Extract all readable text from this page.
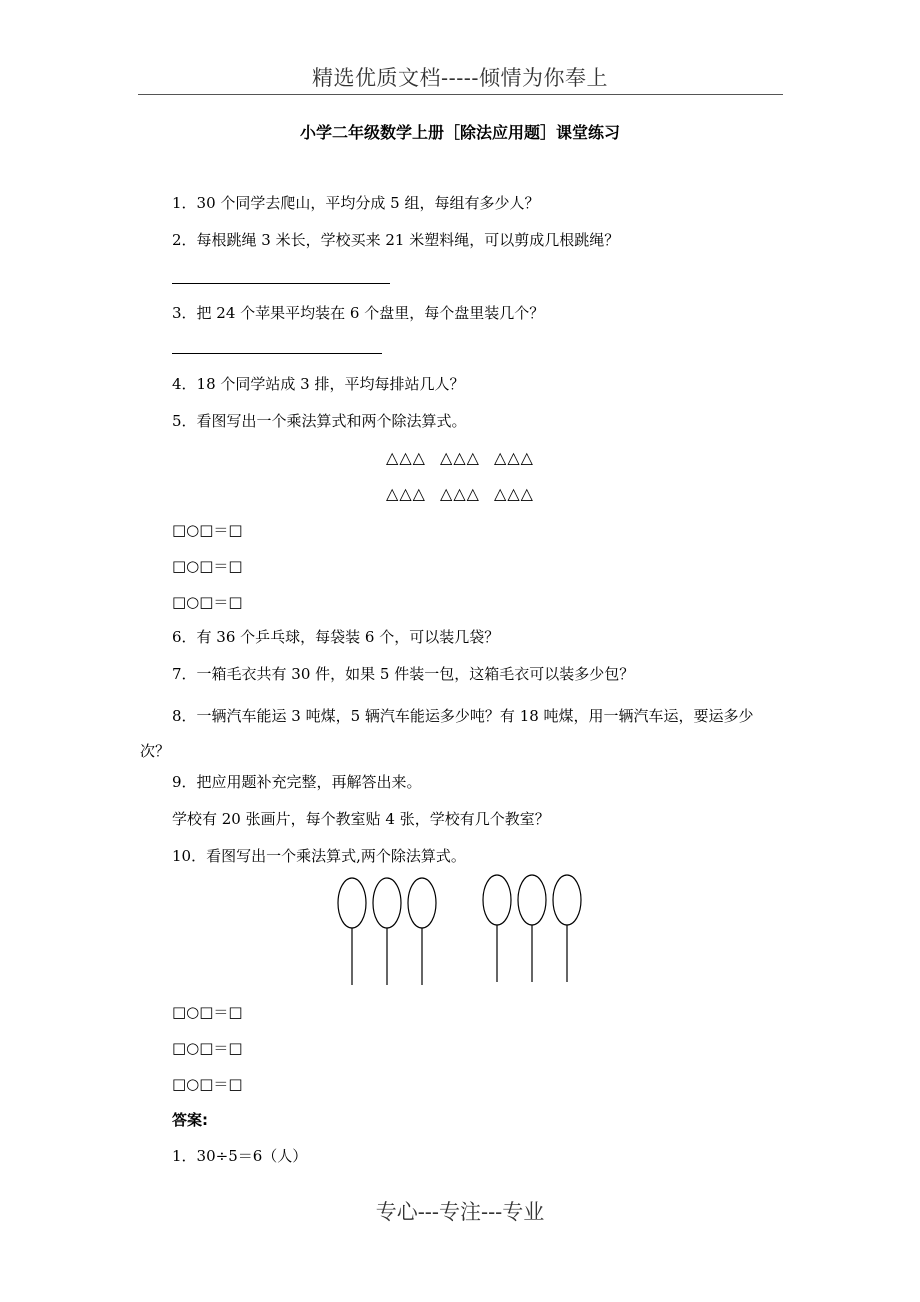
精选优质文档-----倾情为你奉上
小学二年级数学上册［除法应用题］课堂练习
1．30 个同学去爬山，平均分成 5 组，每组有多少人？
2．每根跳绳 3 米长，学校买来 21 米塑料绳，可以剪成几根跳绳？
3．把 24 个苹果平均装在 6 个盘里，每个盘里装几个？
4．18 个同学站成 3 排，平均每排站几人？
5．看图写出一个乘法算式和两个除法算式。
△△△ △△△ △△△
△△△ △△△ △△△
□○□＝□
□○□＝□
□○□＝□
6．有 36 个乒乓球，每袋装 6 个，可以装几袋？
7．一箱毛衣共有 30 件，如果 5 件装一包，这箱毛衣可以装多少包？
8．一辆汽车能运 3 吨煤，5 辆汽车能运多少吨？有 18 吨煤，用一辆汽车运，要运多少次？
9．把应用题补充完整，再解答出来。
学校有 20 张画片，每个教室贴 4 张，学校有几个教室？
10．看图写出一个乘法算式,两个除法算式。
□○□＝□
□○□＝□
□○□＝□
答案:
1．30÷5＝6（人）
专心---专注---专业
